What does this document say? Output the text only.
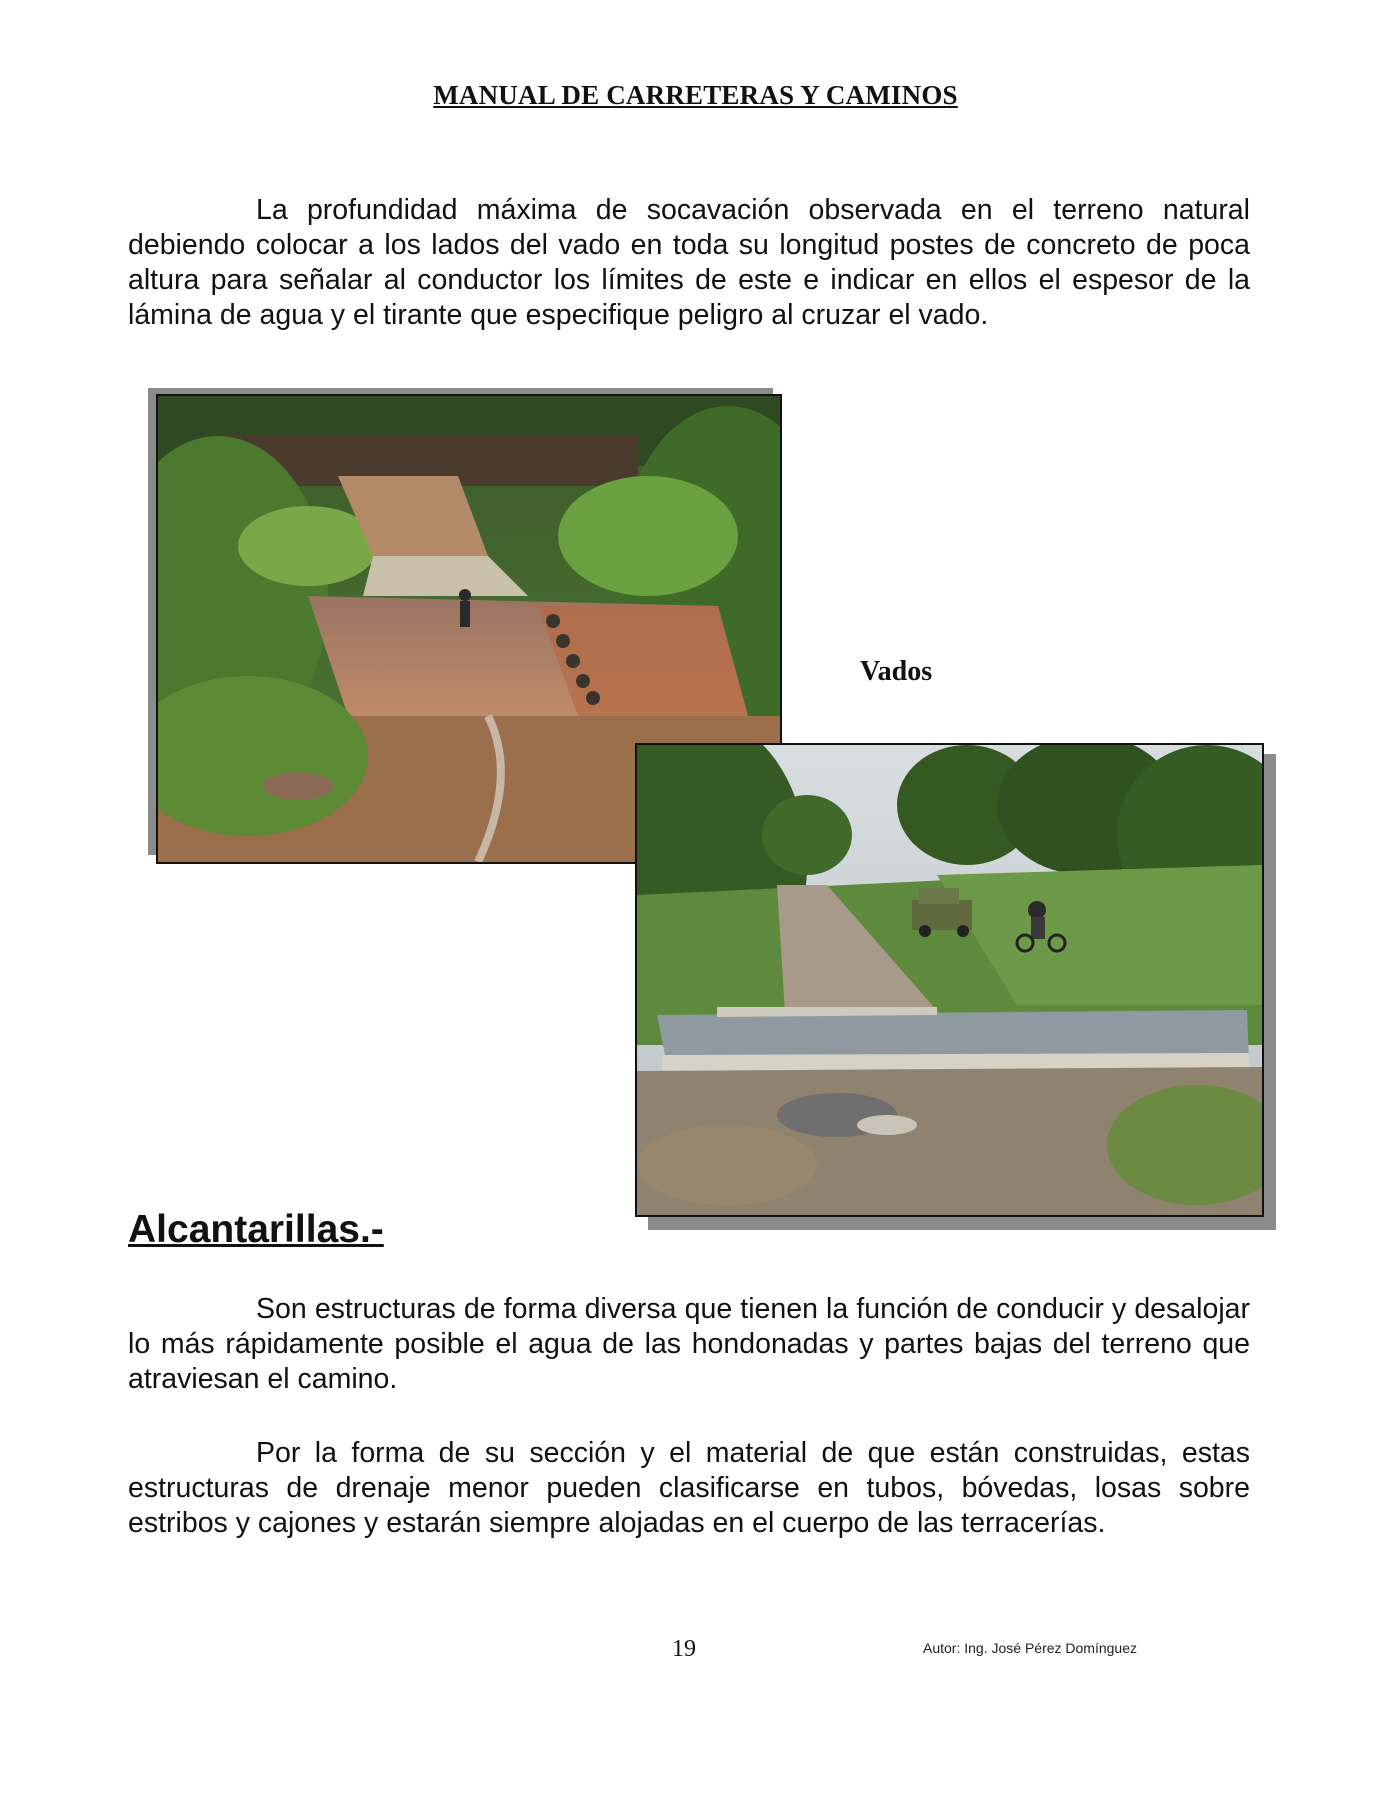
MANUAL DE CARRETERAS Y CAMINOS
La profundidad máxima de socavación observada en el terreno natural debiendo colocar a los lados del vado en toda su longitud postes de concreto de poca altura para señalar al conductor los límites de este e indicar en ellos el espesor de la lámina de agua y el tirante que especifique peligro al cruzar el vado.
Vados
Alcantarillas.-
Son estructuras de forma diversa que tienen la función de conducir y desalojar lo más rápidamente posible el agua de las hondonadas y partes bajas del terreno que atraviesan el camino.
Por la forma de su sección y el material de que están construidas, estas estructuras de drenaje menor pueden clasificarse en tubos, bóvedas, losas sobre estribos y cajones y estarán siempre alojadas en el cuerpo de las terracerías.
19	Autor: Ing. José Pérez Domínguez
